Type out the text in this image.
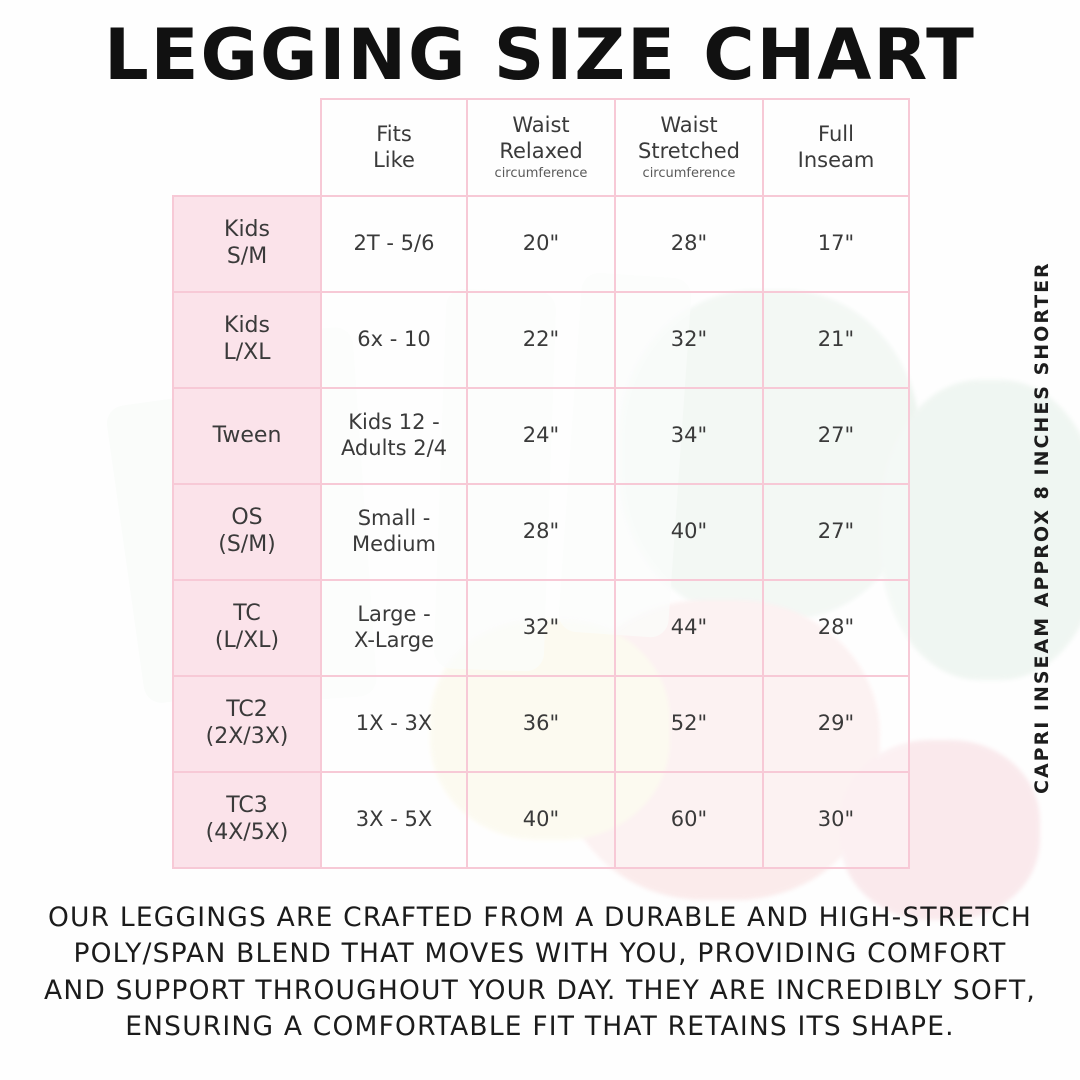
LEGGING SIZE CHART

	Fits
Like	Waist
Relaxed
circumference	Waist
Stretched
circumference	Full
Inseam

Kids
S/M	2T - 5/6	20"	28"	17"

Kids
L/XL	6x - 10	22"	32"	21"

Tween	Kids 12 -
Adults 2/4	24"	34"	27"

OS
(S/M)	Small -
Medium	28"	40"	27"

TC
(L/XL)	Large -
X-Large	32"	44"	28"

TC2
(2X/3X)	1X - 3X	36"	52"	29"

TC3
(4X/5X)	3X - 5X	40"	60"	30"
CAPRI INSEAM APPROX 8 INCHES SHORTER
OUR LEGGINGS ARE CRAFTED FROM A DURABLE AND HIGH-STRETCH
POLY/SPAN BLEND THAT MOVES WITH YOU, PROVIDING COMFORT
AND SUPPORT THROUGHOUT YOUR DAY. THEY ARE INCREDIBLY SOFT,
ENSURING A COMFORTABLE FIT THAT RETAINS ITS SHAPE.
